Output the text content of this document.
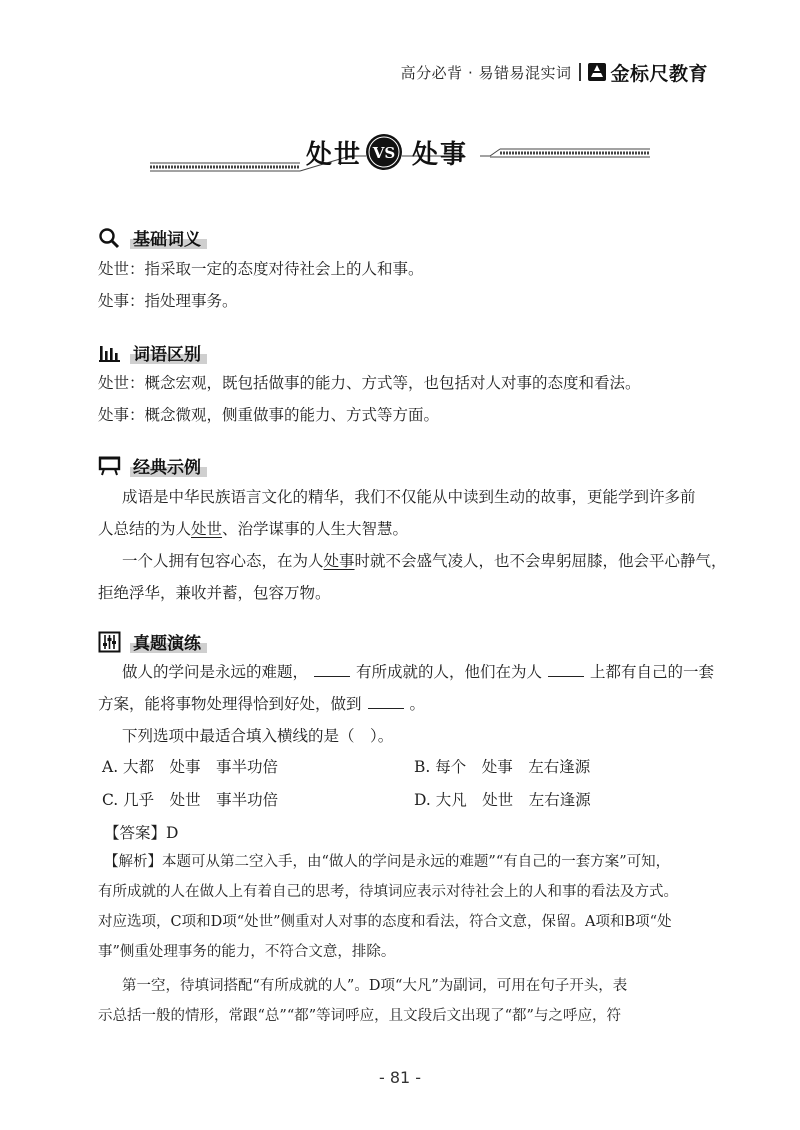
高分必背 · 易错易混实词 金标尺教育
处世 VS 处事
基础词义
处世：指采取一定的态度对待社会上的人和事。
处事：指处理事务。
词语区别
处世：概念宏观，既包括做事的能力、方式等，也包括对人对事的态度和看法。
处事：概念微观，侧重做事的能力、方式等方面。
经典示例
成语是中华民族语言文化的精华，我们不仅能从中读到生动的故事，更能学到许多前
人总结的为人处世、治学谋事的人生大智慧。
一个人拥有包容心态，在为人处事时就不会盛气凌人，也不会卑躬屈膝，他会平心静气，
拒绝浮华，兼收并蓄，包容万物。
真题演练
做人的学问是永远的难题，	有所成就的人，他们在为人	上都有自己的一套
方案，能将事物处理得恰到好处，做到	。
下列选项中最适合填入横线的是（　）。
A. 大都　处事　事半功倍	B. 每个　处事　左右逢源
C. 几乎　处世　事半功倍	D. 大凡　处世　左右逢源
【答案】D
【解析】本题可从第二空入手，由“做人的学问是永远的难题”“有自己的一套方案”可知，
有所成就的人在做人上有着自己的思考，待填词应表示对待社会上的人和事的看法及方式。
对应选项，C项和D项“处世”侧重对人对事的态度和看法，符合文意，保留。A项和B项“处
事”侧重处理事务的能力，不符合文意，排除。
第一空，待填词搭配“有所成就的人”。D项“大凡”为副词，可用在句子开头，表
示总括一般的情形，常跟“总”“都”等词呼应，且文段后文出现了“都”与之呼应，符
- 81 -
